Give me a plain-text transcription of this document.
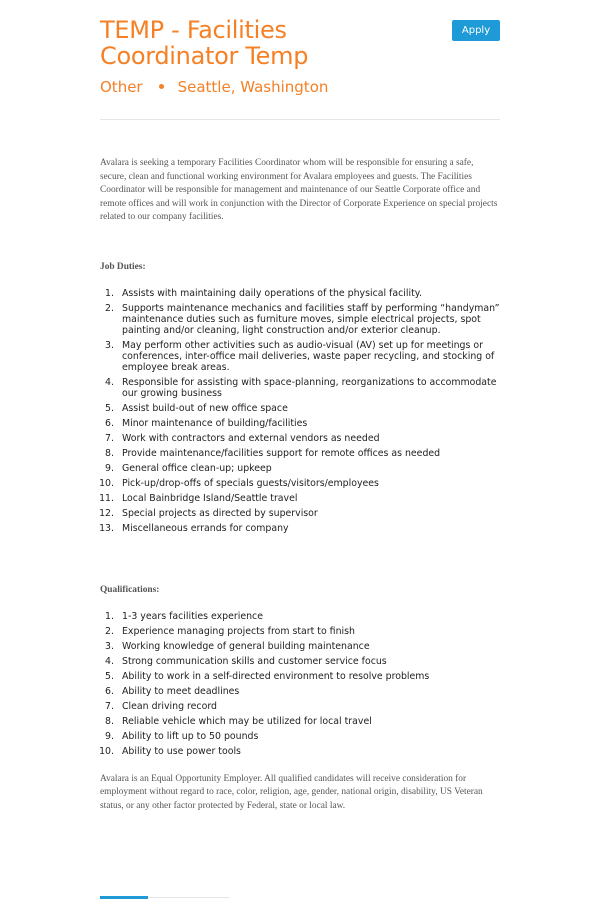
TEMP - Facilities Coordinator Temp
Other Seattle, Washington
Apply

Avalara is seeking a temporary Facilities Coordinator whom will be responsible for ensuring a safe, secure, clean and functional working environment for Avalara employees and guests. The Facilities Coordinator will be responsible for management and maintenance of our Seattle Corporate office and remote offices and will work in conjunction with the Director of Corporate Experience on special projects related to our company facilities.

Job Duties:

1. Assists with maintaining daily operations of the physical facility.
2. Supports maintenance mechanics and facilities staff by performing “handyman” maintenance duties such as furniture moves, simple electrical projects, spot painting and/or cleaning, light construction and/or exterior cleanup.
3. May perform other activities such as audio-visual (AV) set up for meetings or conferences, inter-office mail deliveries, waste paper recycling, and stocking of employee break areas.
4. Responsible for assisting with space-planning, reorganizations to accommodate our growing business
5. Assist build-out of new office space
6. Minor maintenance of building/facilities
7. Work with contractors and external vendors as needed
8. Provide maintenance/facilities support for remote offices as needed
9. General office clean-up; upkeep
10. Pick-up/drop-offs of specials guests/visitors/employees
11. Local Bainbridge Island/Seattle travel
12. Special projects as directed by supervisor
13. Miscellaneous errands for company

Qualifications:

1. 1-3 years facilities experience
2. Experience managing projects from start to finish
3. Working knowledge of general building maintenance
4. Strong communication skills and customer service focus
5. Ability to work in a self-directed environment to resolve problems
6. Ability to meet deadlines
7. Clean driving record
8. Reliable vehicle which may be utilized for local travel
9. Ability to lift up to 50 pounds
10. Ability to use power tools

Avalara is an Equal Opportunity Employer. All qualified candidates will receive consideration for employment without regard to race, color, religion, age, gender, national origin, disability, US Veteran status, or any other factor protected by Federal, state or local law.
